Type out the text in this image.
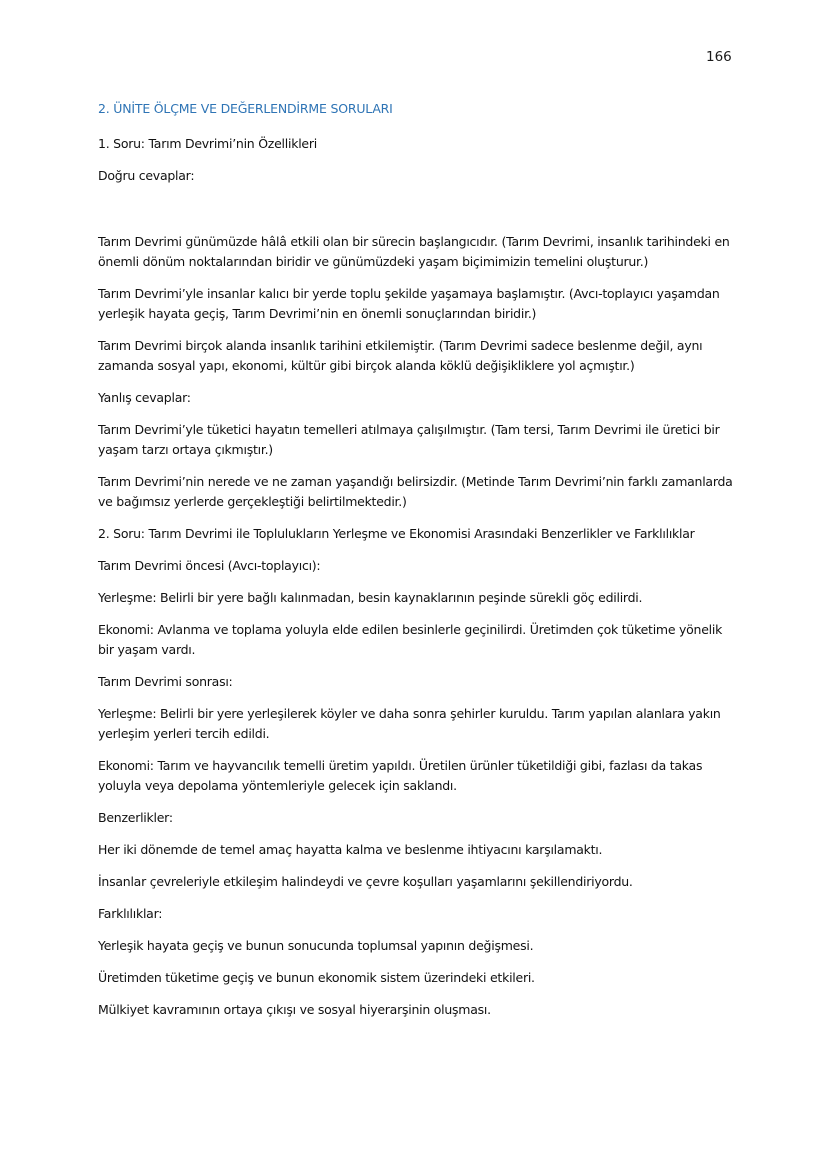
166
2. ÜNİTE ÖLÇME VE DEĞERLENDİRME SORULARI
1. Soru: Tarım Devrimi’nin Özellikleri
Doğru cevaplar:
Tarım Devrimi günümüzde hâlâ etkili olan bir sürecin başlangıcıdır. (Tarım Devrimi, insanlık tarihindeki en önemli dönüm noktalarından biridir ve günümüzdeki yaşam biçimimizin temelini oluşturur.)
Tarım Devrimi’yle insanlar kalıcı bir yerde toplu şekilde yaşamaya başlamıştır. (Avcı-toplayıcı yaşamdan yerleşik hayata geçiş, Tarım Devrimi’nin en önemli sonuçlarından biridir.)
Tarım Devrimi birçok alanda insanlık tarihini etkilemiştir. (Tarım Devrimi sadece beslenme değil, aynı zamanda sosyal yapı, ekonomi, kültür gibi birçok alanda köklü değişikliklere yol açmıştır.)
Yanlış cevaplar:
Tarım Devrimi’yle tüketici hayatın temelleri atılmaya çalışılmıştır. (Tam tersi, Tarım Devrimi ile üretici bir yaşam tarzı ortaya çıkmıştır.)
Tarım Devrimi’nin nerede ve ne zaman yaşandığı belirsizdir. (Metinde Tarım Devrimi’nin farklı zamanlarda ve bağımsız yerlerde gerçekleştiği belirtilmektedir.)
2. Soru: Tarım Devrimi ile Toplulukların Yerleşme ve Ekonomisi Arasındaki Benzerlikler ve Farklılıklar
Tarım Devrimi öncesi (Avcı-toplayıcı):
Yerleşme: Belirli bir yere bağlı kalınmadan, besin kaynaklarının peşinde sürekli göç edilirdi.
Ekonomi: Avlanma ve toplama yoluyla elde edilen besinlerle geçinilirdi. Üretimden çok tüketime yönelik bir yaşam vardı.
Tarım Devrimi sonrası:
Yerleşme: Belirli bir yere yerleşilerek köyler ve daha sonra şehirler kuruldu. Tarım yapılan alanlara yakın yerleşim yerleri tercih edildi.
Ekonomi: Tarım ve hayvancılık temelli üretim yapıldı. Üretilen ürünler tüketildiği gibi, fazlası da takas yoluyla veya depolama yöntemleriyle gelecek için saklandı.
Benzerlikler:
Her iki dönemde de temel amaç hayatta kalma ve beslenme ihtiyacını karşılamaktı.
İnsanlar çevreleriyle etkileşim halindeydi ve çevre koşulları yaşamlarını şekillendiriyordu.
Farklılıklar:
Yerleşik hayata geçiş ve bunun sonucunda toplumsal yapının değişmesi.
Üretimden tüketime geçiş ve bunun ekonomik sistem üzerindeki etkileri.
Mülkiyet kavramının ortaya çıkışı ve sosyal hiyerarşinin oluşması.
